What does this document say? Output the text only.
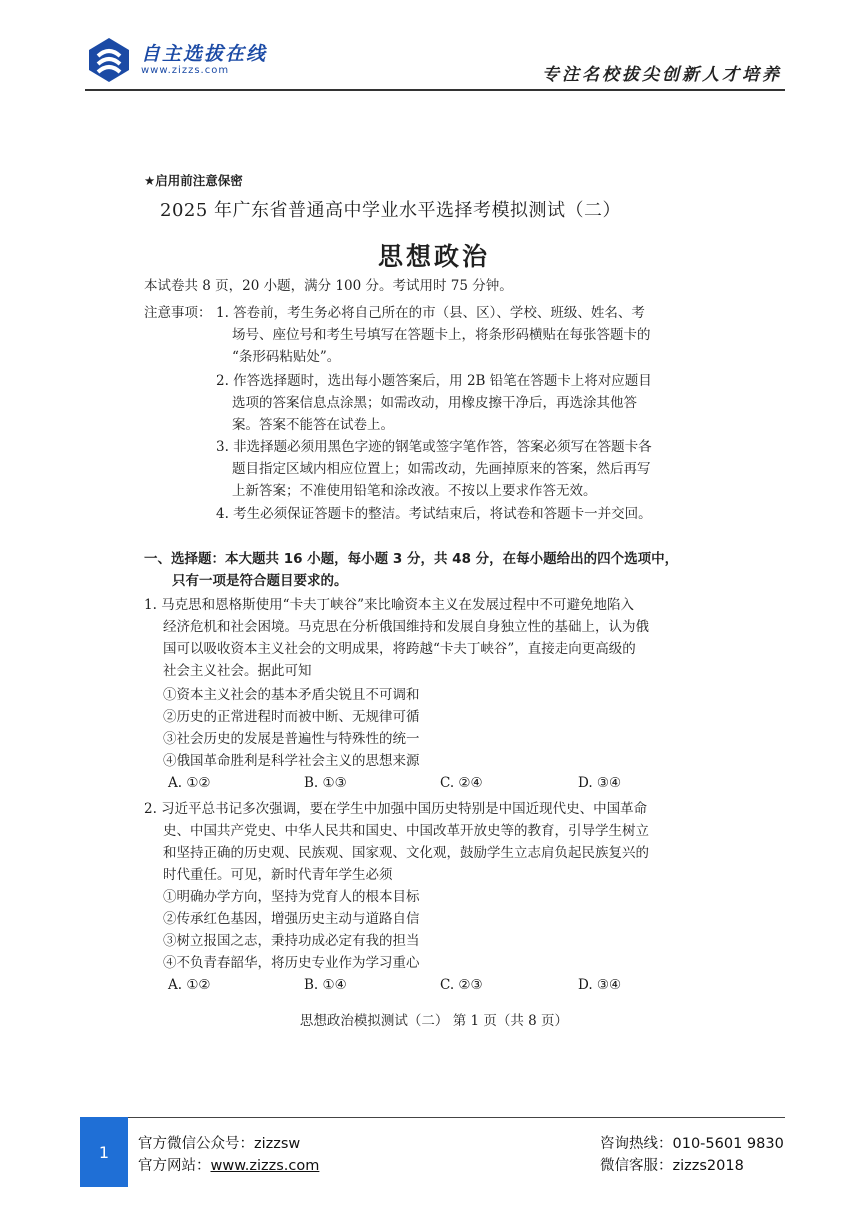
自主选拔在线
www.zizzs.com	专注名校拔尖创新人才培养
★启用前注意保密
2025 年广东省普通高中学业水平选择考模拟测试（二）
思想政治
本试卷共 8 页，20 小题，满分 100 分。考试用时 75 分钟。
注意事项： 1. 答卷前，考生务必将自己所在的市（县、区）、学校、班级、姓名、考
场号、座位号和考生号填写在答题卡上，将条形码横贴在每张答题卡的
“条形码粘贴处”。
2. 作答选择题时，选出每小题答案后，用 2B 铅笔在答题卡上将对应题目
选项的答案信息点涂黑；如需改动，用橡皮擦干净后，再选涂其他答
案。答案不能答在试卷上。
3. 非选择题必须用黑色字迹的钢笔或签字笔作答，答案必须写在答题卡各
题目指定区域内相应位置上；如需改动，先画掉原来的答案，然后再写
上新答案；不准使用铅笔和涂改液。不按以上要求作答无效。
4. 考生必须保证答题卡的整洁。考试结束后，将试卷和答题卡一并交回。
一、选择题：本大题共 16 小题，每小题 3 分，共 48 分，在每小题给出的四个选项中，
只有一项是符合题目要求的。
1. 马克思和恩格斯使用“卡夫丁峡谷”来比喻资本主义在发展过程中不可避免地陷入
经济危机和社会困境。马克思在分析俄国维持和发展自身独立性的基础上，认为俄
国可以吸收资本主义社会的文明成果，将跨越“卡夫丁峡谷”，直接走向更高级的
社会主义社会。据此可知
①资本主义社会的基本矛盾尖锐且不可调和
②历史的正常进程时而被中断、无规律可循
③社会历史的发展是普遍性与特殊性的统一
④俄国革命胜利是科学社会主义的思想来源
A. ①②	B. ①③	C. ②④	D. ③④
2. 习近平总书记多次强调，要在学生中加强中国历史特别是中国近现代史、中国革命
史、中国共产党史、中华人民共和国史、中国改革开放史等的教育，引导学生树立
和坚持正确的历史观、民族观、国家观、文化观，鼓励学生立志肩负起民族复兴的
时代重任。可见，新时代青年学生必须
①明确办学方向，坚持为党育人的根本目标
②传承红色基因，增强历史主动与道路自信
③树立报国之志，秉持功成必定有我的担当
④不负青春韶华，将历史专业作为学习重心
A. ①②	B. ①④	C. ②③	D. ③④
思想政治模拟测试（二） 第 1 页（共 8 页）
1	官方微信公众号：zizzsw
官方网站：www.zizzs.com
咨询热线：010-5601 9830
微信客服：zizzs2018
